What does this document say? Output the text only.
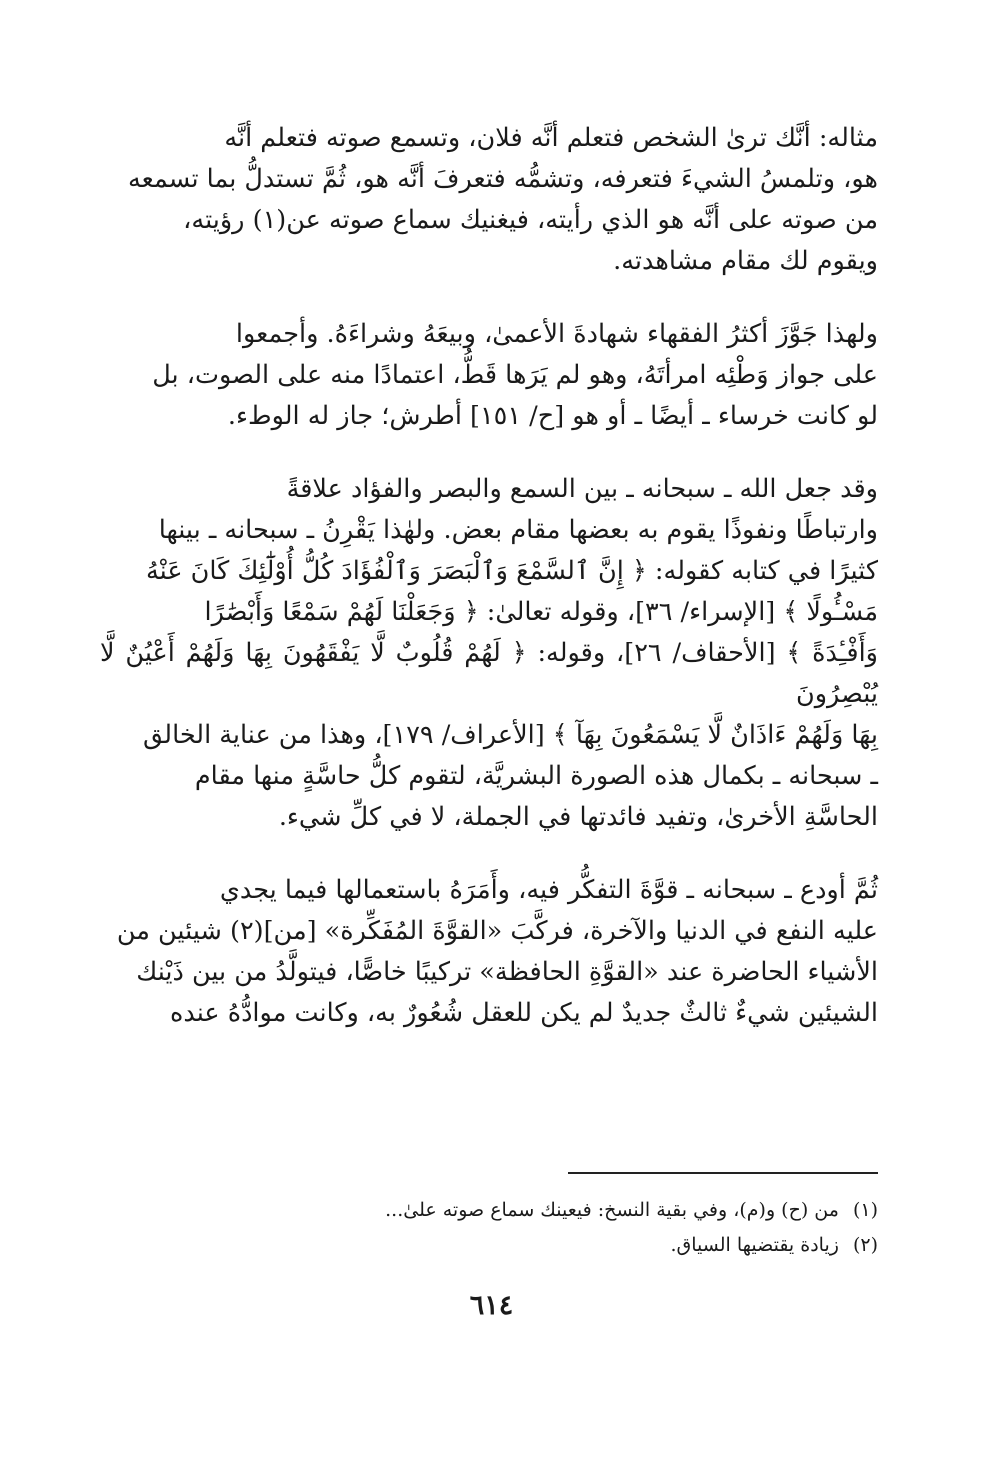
مثاله: أنَّك ترىٰ الشخص فتعلم أنَّه فلان، وتسمع صوته فتعلم أنَّه
هو، وتلمسُ الشيءَ فتعرفه، وتشمُّه فتعرفَ أنَّه هو، ثُمَّ تستدلُّ بما تسمعه
من صوته على أنَّه هو الذي رأيته، فيغنيك سماع صوته عن(١) رؤيته،
ويقوم لك مقام مشاهدته.

ولهذا جَوَّزَ أكثرُ الفقهاء شهادةَ الأعمىٰ، وبيعَهُ وشراءَهُ. وأجمعوا
على جواز وَطْئِه امرأتَهُ، وهو لم يَرَها قَطُّ، اعتمادًا منه على الصوت، بل
لو كانت خرساء ـ أيضًا ـ أو هو [ح/ ١٥١] أطرش؛ جاز له الوطء.

وقد جعل الله ـ سبحانه ـ بين السمع والبصر والفؤاد علاقةً
وارتباطًا ونفوذًا يقوم به بعضها مقام بعض. ولهٰذا يَقْرِنُ ـ سبحانه ـ بينها
كثيرًا في كتابه كقوله: ﴿ إِنَّ ٱلسَّمْعَ وَٱلْبَصَرَ وَٱلْفُؤَادَ كُلُّ أُوْلَٰٓئِكَ كَانَ عَنْهُ
مَسْـُٔولًا ﴾ [الإسراء/ ٣٦]، وقوله تعالىٰ: ﴿ وَجَعَلْنَا لَهُمْ سَمْعًا وَأَبْصَٰرًا
وَأَفْـِٔدَةً ﴾ [الأحقاف/ ٢٦]، وقوله: ﴿ لَهُمْ قُلُوبٌ لَّا يَفْقَهُونَ بِهَا وَلَهُمْ أَعْيُنٌ لَّا يُبْصِرُونَ
بِهَا وَلَهُمْ ءَاذَانٌ لَّا يَسْمَعُونَ بِهَآ ﴾ [الأعراف/ ١٧٩]، وهذا من عناية الخالق
ـ سبحانه ـ بكمال هذه الصورة البشريَّة، لتقوم كلُّ حاسَّةٍ منها مقام
الحاسَّةِ الأخرىٰ، وتفيد فائدتها في الجملة، لا في كلِّ شيء.

ثُمَّ أودع ـ سبحانه ـ قوَّةَ التفكُّر فيه، وأَمَرَهُ باستعمالها فيما يجدي
عليه النفع في الدنيا والآخرة، فركَّبَ «القوَّةَ المُفَكِّرة» [من](٢) شيئين من
الأشياء الحاضرة عند «القوَّةِ الحافظة» تركيبًا خاصًّا، فيتولَّدُ من بين ذَيْنك
الشيئين شيءٌ ثالثٌ جديدٌ لم يكن للعقل شُعُورٌ به، وكانت موادُّهُ عنده

(١)من (ح) و(م)، وفي بقية النسخ: فيعينك سماع صوته علىٰ...
(٢)زيادة يقتضيها السياق.
٦١٤
